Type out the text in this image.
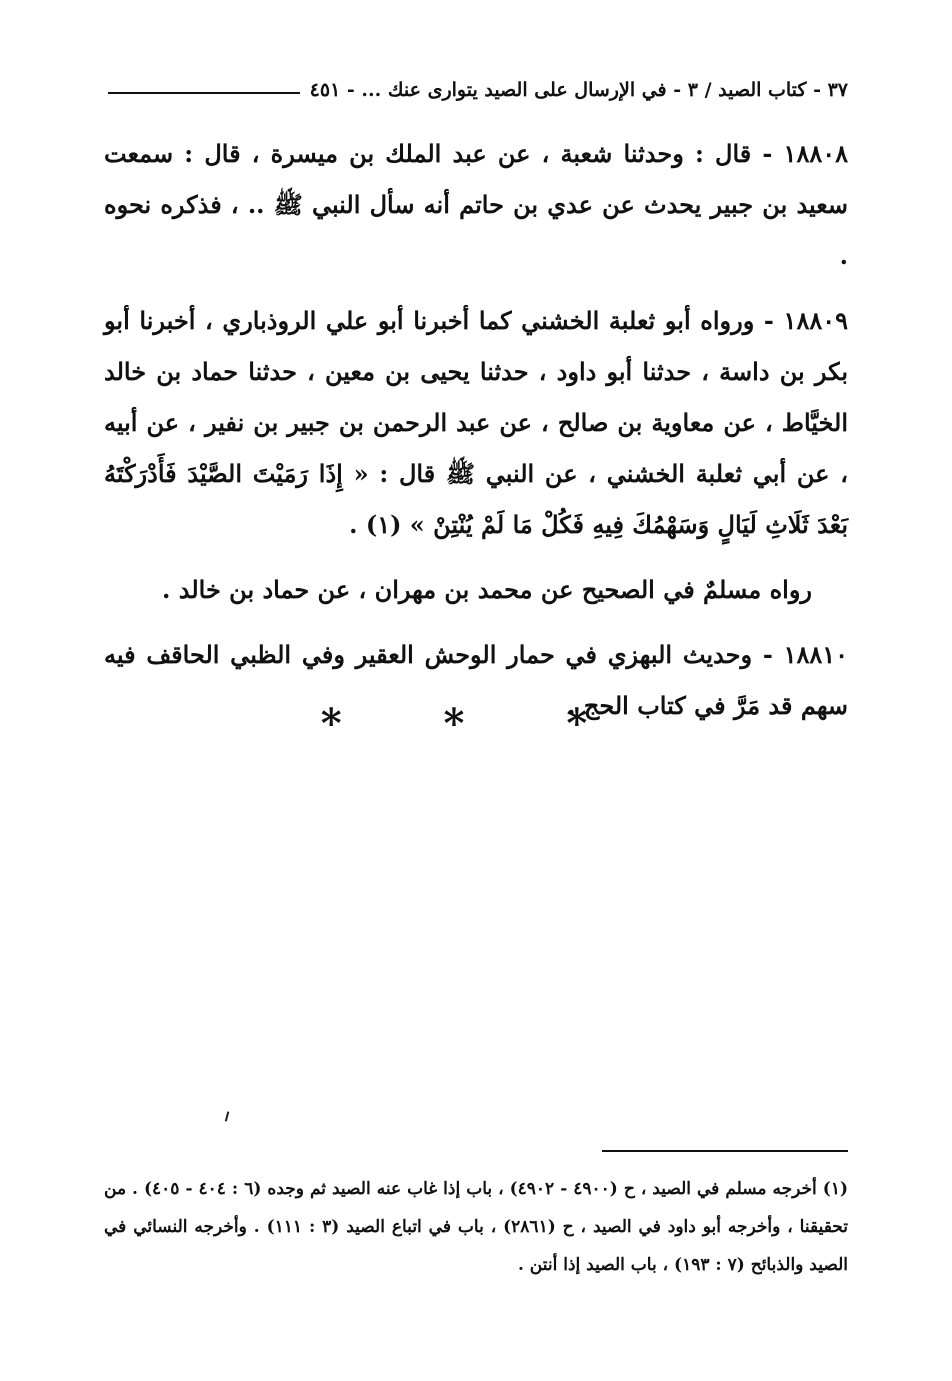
٣٧ - كتاب الصيد / ٣ - في الإرسال على الصيد يتوارى عنك ... - ٤٥١

١٨٨٠٨ - قال : وحدثنا شعبة ، عن عبد الملك بن ميسرة ، قال : سمعت سعيد بن جبير يحدث عن عدي بن حاتم أنه سأل النبي ﷺ .. ، فذكره نحوه .

١٨٨٠٩ - ورواه أبو ثعلبة الخشني كما أخبرنا أبو علي الروذباري ، أخبرنا أبو بكر بن داسة ، حدثنا أبو داود ، حدثنا يحيى بن معين ، حدثنا حماد بن خالد الخيَّاط ، عن معاوية بن صالح ، عن عبد الرحمن بن جبير بن نفير ، عن أبيه ، عن أبي ثعلبة الخشني ، عن النبي ﷺ قال : « إِذَا رَمَيْتَ الصَّيْدَ فَأَدْرَكْتَهُ بَعْدَ ثَلَاثِ لَيَالٍ وَسَهْمُكَ فِيهِ فَكُلْ مَا لَمْ يُنْتِنْ » (١) .

رواه مسلمٌ في الصحيح عن محمد بن مهران ، عن حماد بن خالد .

١٨٨١٠ - وحديث البهزي في حمار الوحش العقير وفي الظبي الحاقف فيه سهم قد مَرَّ في كتاب الحج .

* * *

(١) أخرجه مسلم في الصيد ، ح (٤٩٠٠ - ٤٩٠٢) ، باب إذا غاب عنه الصيد ثم وجده (٦ : ٤٠٤ - ٤٠٥) . من تحقيقنا ، وأخرجه أبو داود في الصيد ، ح (٢٨٦١) ، باب في اتباع الصيد (٣ : ١١١) . وأخرجه النسائي في الصيد والذبائح (٧ : ١٩٣) ، باب الصيد إذا أنتن .
